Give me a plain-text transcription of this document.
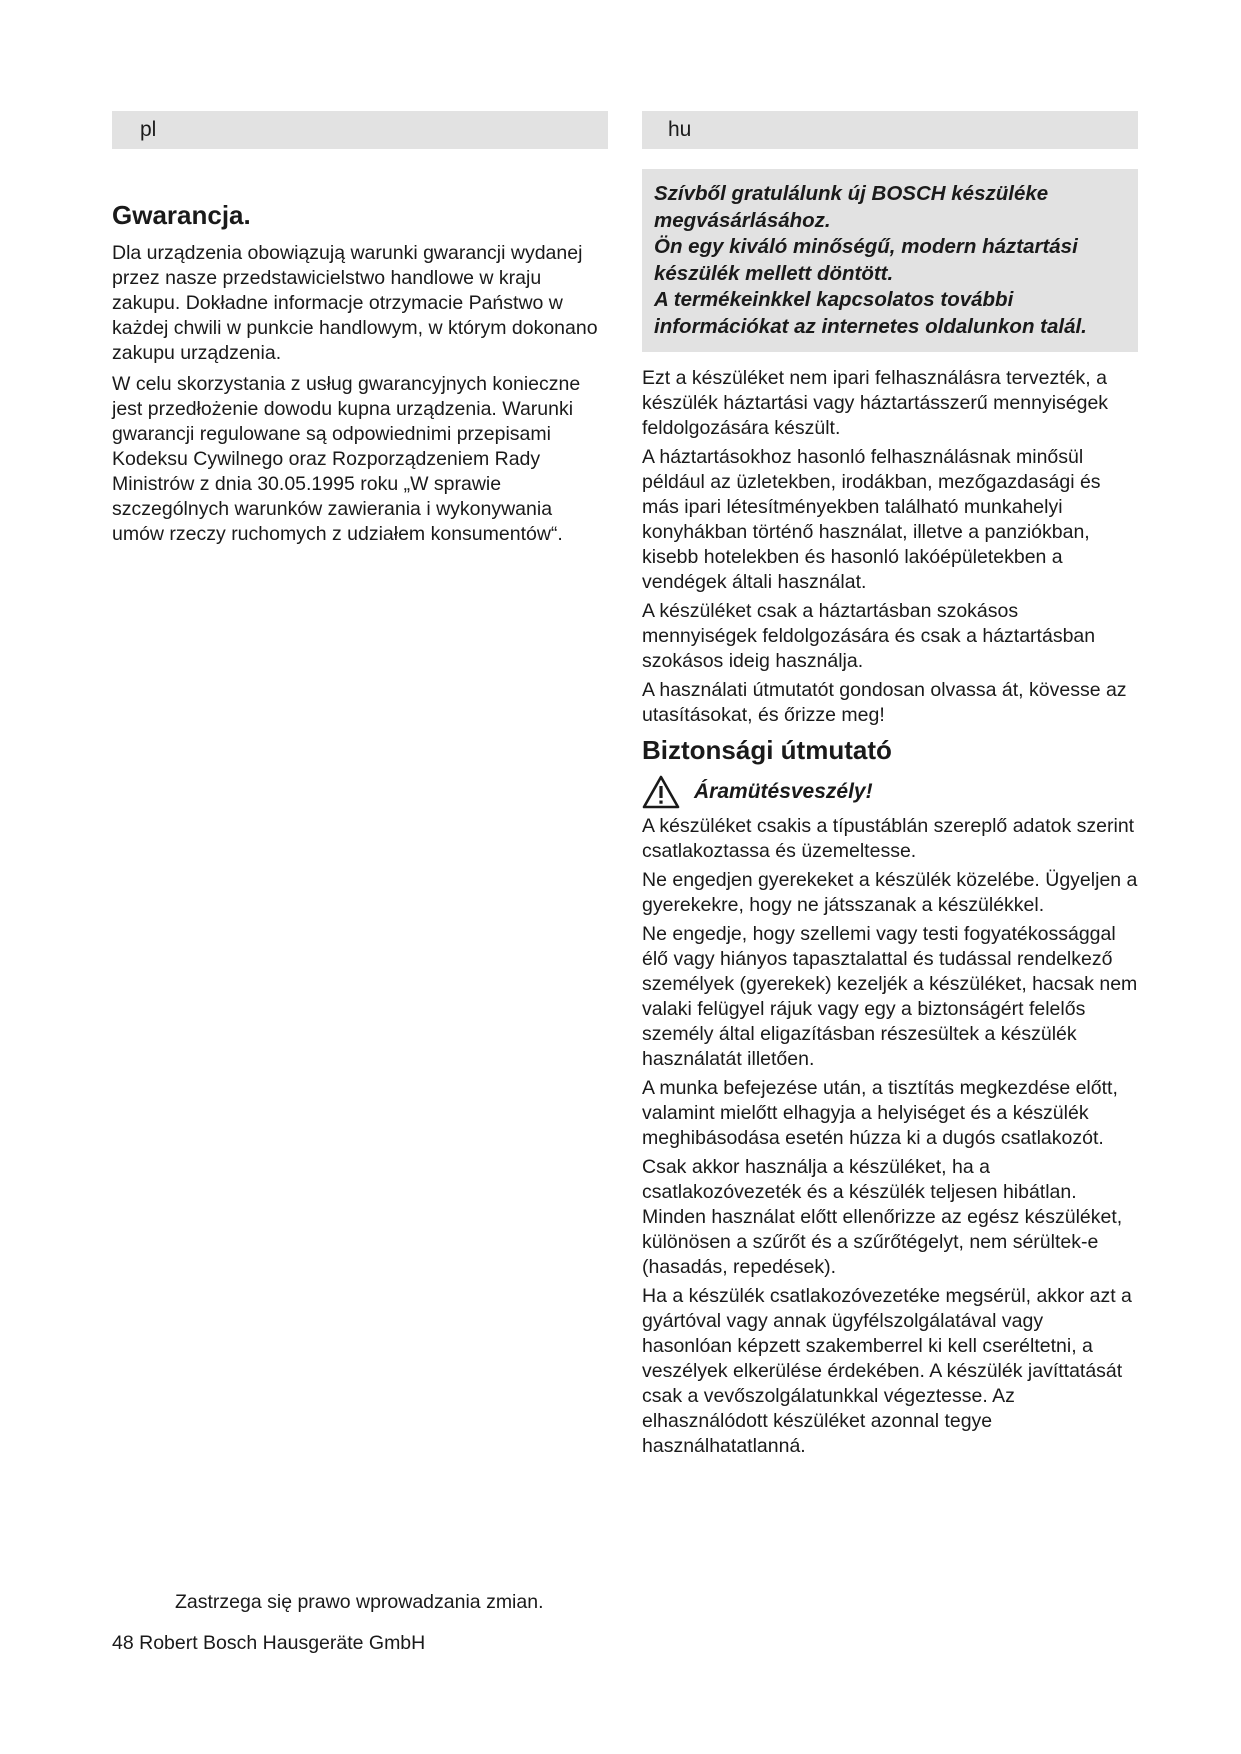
pl
Gwarancja.

Dla urządzenia obowiązują warunki gwarancji wydanej przez nasze przedstawicielstwo handlowe w kraju zakupu. Dokładne informacje otrzymacie Państwo w każdej chwili w punkcie handlowym, w którym dokonano zakupu urządzenia.

W celu skorzystania z usług gwarancyjnych konieczne jest przedłożenie dowodu kupna urządzenia. Warunki gwarancji regulowane są odpowiednimi przepisami Kodeksu Cywilnego oraz Rozporządzeniem Rady Ministrów z dnia 30.05.1995 roku „W sprawie szczególnych warunków zawierania i wykonywania umów rzeczy ruchomych z udziałem konsumentów“.

hu

Szívből gratulálunk új BOSCH készüléke megvásárlásához.

Ön egy kiváló minőségű, modern háztartási készülék mellett döntött.

A termékeinkkel kapcsolatos további információkat az internetes oldalunkon talál.

Ezt a készüléket nem ipari felhasználásra tervezték, a készülék háztartási vagy háztartásszerű mennyiségek feldolgozására készült.

A háztartásokhoz hasonló felhasználásnak minősül például az üzletekben, irodákban, mezőgazdasági és más ipari létesítményekben található munkahelyi konyhákban történő használat, illetve a panziókban, kisebb hotelekben és hasonló lakóépületekben a vendégek általi használat.

A készüléket csak a háztartásban szokásos mennyiségek feldolgozására és csak a háztartásban szokásos ideig használja.

A használati útmutatót gondosan olvassa át, kövesse az utasításokat, és őrizze meg!

Biztonsági útmutató
Áramütésveszély!

A készüléket csakis a típustáblán szereplő adatok szerint csatlakoztassa és üzemeltesse.

Ne engedjen gyerekeket a készülék közelébe. Ügyeljen a gyerekekre, hogy ne játsszanak a készülékkel.

Ne engedje, hogy szellemi vagy testi fogyatékossággal élő vagy hiányos tapasztalattal és tudással rendelkező személyek (gyerekek) kezeljék a készüléket, hacsak nem valaki felügyel rájuk vagy egy a biztonságért felelős személy által eligazításban részesültek a készülék használatát illetően.

A munka befejezése után, a tisztítás megkezdése előtt, valamint mielőtt elhagyja a helyiséget és a készülék meghibásodása esetén húzza ki a dugós csatlakozót.

Csak akkor használja a készüléket, ha a csatlakozóvezeték és a készülék teljesen hibátlan. Minden használat előtt ellenőrizze az egész készüléket, különösen a szűrőt és a szűrőtégelyt, nem sérültek-e (hasadás, repedések).

Ha a készülék csatlakozóvezetéke megsérül, akkor azt a gyártóval vagy annak ügyfélszolgálatával vagy hasonlóan képzett szakemberrel ki kell cseréltetni, a veszélyek elkerülése érdekében. A készülék javíttatását csak a vevőszolgálatunkkal végeztesse. Az elhasználódott készüléket azonnal tegye használhatatlanná.

Zastrzega się prawo wprowadzania zmian.
48 Robert Bosch Hausgeräte GmbH
